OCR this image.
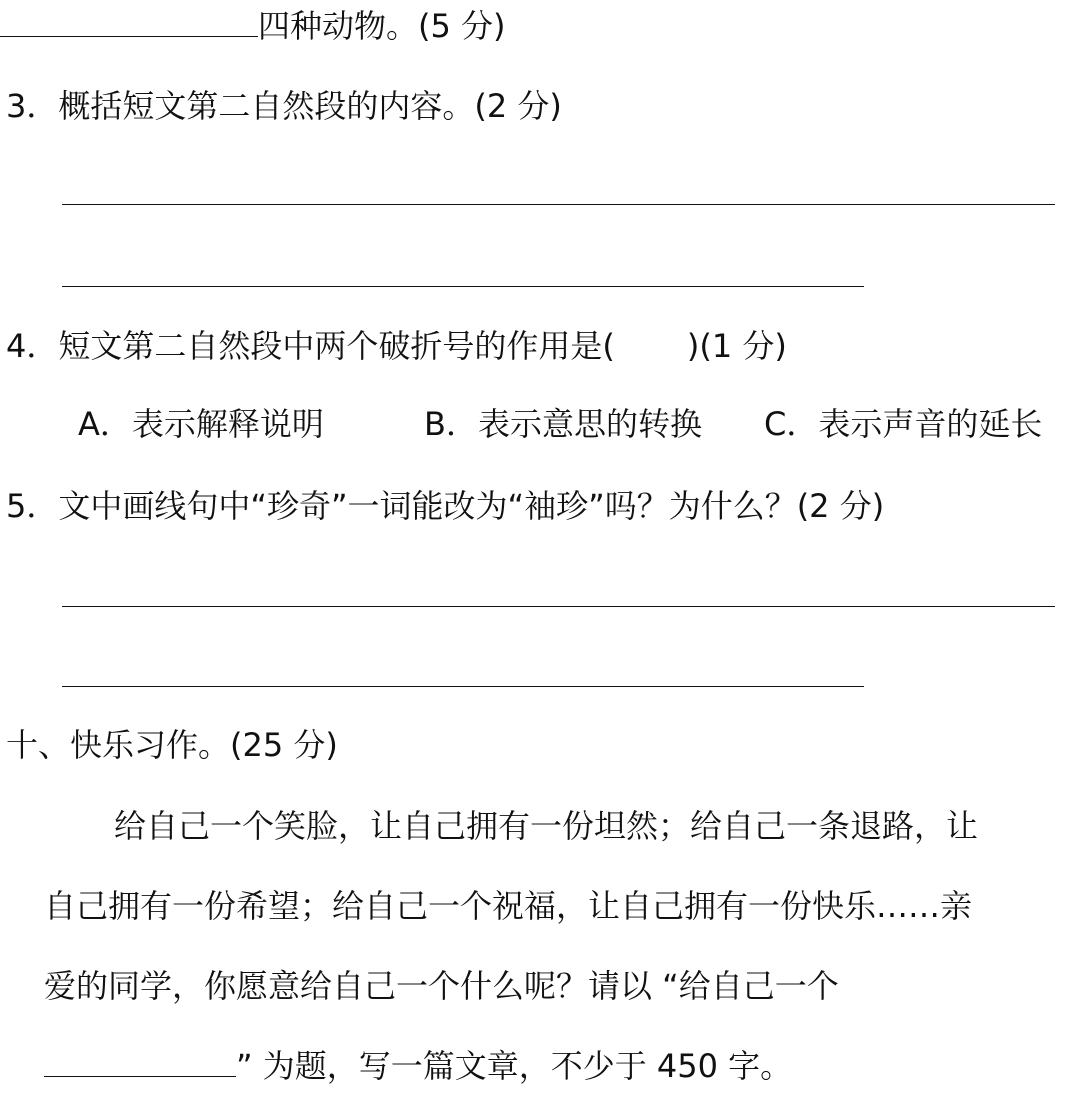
四种动物。(5 分)
3．概括短文第二自然段的内容。(2 分)
4．短文第二自然段中两个破折号的作用是( )(1 分)
A．表示解释说明	B．表示意思的转换 C．表示声音的延长
5．文中画线句中“珍奇”一词能改为“袖珍”吗？为什么？(2 分)
十、快乐习作。(25 分)
给自己一个笑脸，让自己拥有一份坦然；给自己一条退路，让
自己拥有一份希望；给自己一个祝福，让自己拥有一份快乐……亲
爱的同学，你愿意给自己一个什么呢？请以 “给自己一个
” 为题，写一篇文章，不少于 450 字。
